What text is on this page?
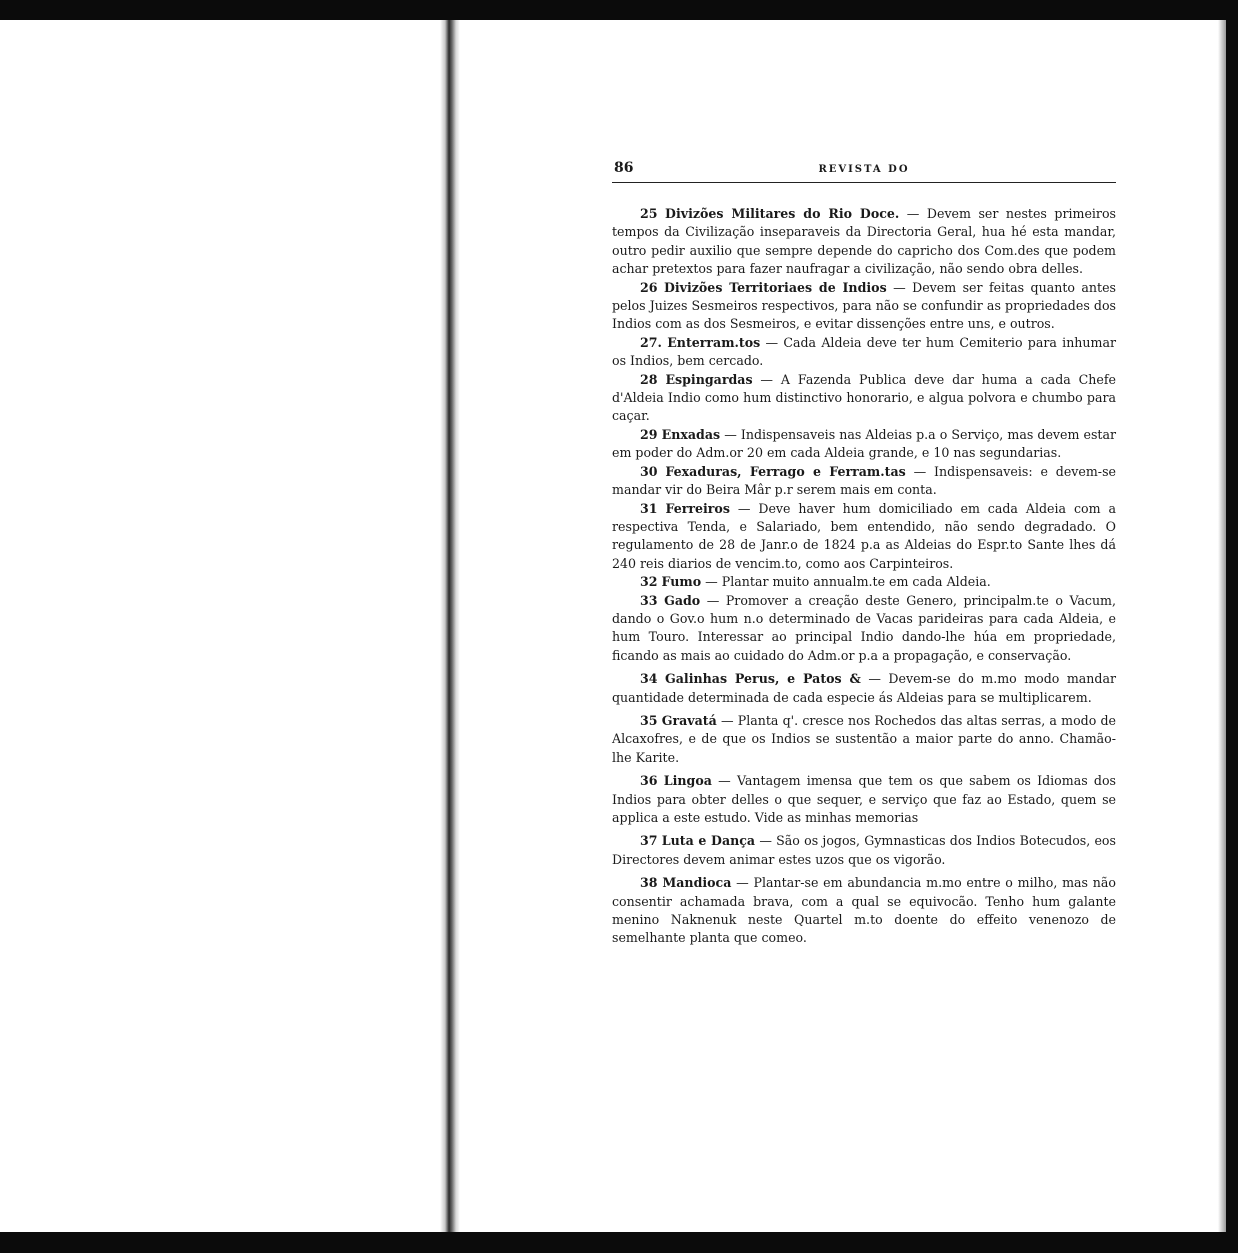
86	REVISTA DO

25 Divizões Militares do Rio Doce. — Devem ser nestes primeiros tempos da Civilização inseparaveis da Directoria Geral, hua hé esta mandar, outro pedir auxilio que sempre depende do capricho dos Com.des que podem achar pretextos para fazer naufragar a civilização, não sendo obra delles.

26 Divizões Territoriaes de Indios — Devem ser feitas quanto antes pelos Juizes Sesmeiros respectivos, para não se confundir as propriedades dos Indios com as dos Sesmeiros, e evitar dissenções entre uns, e outros.

27. Enterram.tos — Cada Aldeia deve ter hum Cemiterio para inhumar os Indios, bem cercado.

28 Espingardas — A Fazenda Publica deve dar huma a cada Chefe d'Aldeia Indio como hum distinctivo honorario, e algua polvora e chumbo para caçar.

29 Enxadas — Indispensaveis nas Aldeias p.a o Serviço, mas devem estar em poder do Adm.or 20 em cada Aldeia grande, e 10 nas segundarias.

30 Fexaduras, Ferrago e Ferram.tas — Indispensaveis: e devem-se mandar vir do Beira Mâr p.r serem mais em conta.

31 Ferreiros — Deve haver hum domiciliado em cada Aldeia com a respectiva Tenda, e Salariado, bem entendido, não sendo degradado. O regulamento de 28 de Janr.o de 1824 p.a as Aldeias do Espr.to Sante lhes dá 240 reis diarios de vencim.to, como aos Carpinteiros.

32 Fumo — Plantar muito annualm.te em cada Aldeia.

33 Gado — Promover a creação deste Genero, principalm.te o Vacum, dando o Gov.o hum n.o determinado de Vacas parideiras para cada Aldeia, e hum Touro. Interessar ao principal Indio dando-lhe húa em propriedade, ficando as mais ao cuidado do Adm.or p.a a propagação, e conservação.

34 Galinhas Perus, e Patos & — Devem-se do m.mo modo mandar quantidade determinada de cada especie ás Aldeias para se multiplicarem.

35 Gravatá — Planta q'. cresce nos Rochedos das altas serras, a modo de Alcaxofres, e de que os Indios se sustentão a maior parte do anno. Chamão-lhe Karite.

36 Lingoa — Vantagem imensa que tem os que sabem os Idiomas dos Indios para obter delles o que sequer, e serviço que faz ao Estado, quem se applica a este estudo. Vide as minhas memorias

37 Luta e Dança — São os jogos, Gymnasticas dos Indios Botecudos, eos Directores devem animar estes uzos que os vigorão.

38 Mandioca — Plantar-se em abundancia m.mo entre o milho, mas não consentir achamada brava, com a qual se equivocão. Tenho hum galante menino Naknenuk neste Quartel m.to doente do effeito venenozo de semelhante planta que comeo.
